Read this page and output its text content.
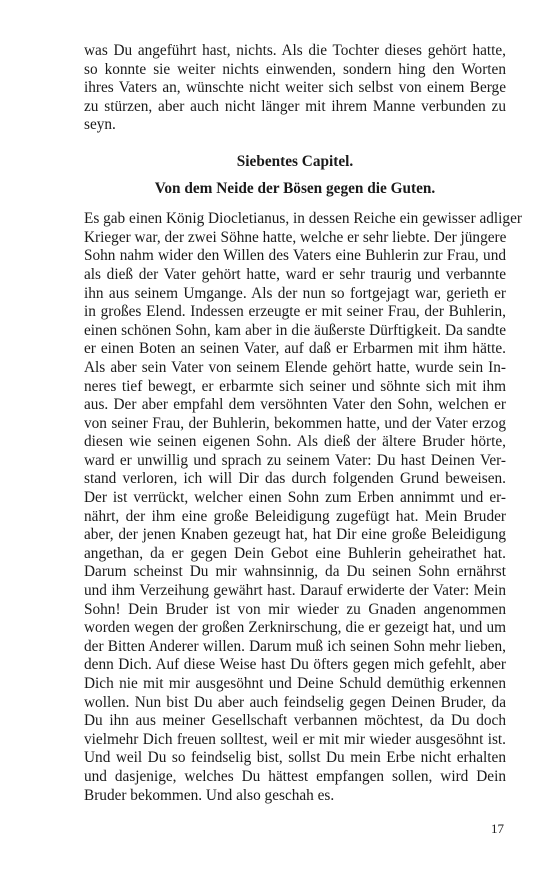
was Du angeführt hast, nichts. Als die Tochter dieses gehört hatte,
so konnte sie weiter nichts einwenden, sondern hing den Worten
ihres Vaters an, wünschte nicht weiter sich selbst von einem Berge
zu stürzen, aber auch nicht länger mit ihrem Manne verbunden zu
seyn.

Siebentes Capitel.

Von dem Neide der Bösen gegen die Guten.

Es gab einen König Diocletianus, in dessen Reiche ein gewisser adliger
Krieger war, der zwei Söhne hatte, welche er sehr liebte. Der jüngere
Sohn nahm wider den Willen des Vaters eine Buhlerin zur Frau, und
als dieß der Vater gehört hatte, ward er sehr traurig und verbannte
ihn aus seinem Umgange. Als der nun so fortgejagt war, gerieth er
in großes Elend. Indessen erzeugte er mit seiner Frau, der Buhlerin,
einen schönen Sohn, kam aber in die äußerste Dürftigkeit. Da sandte
er einen Boten an seinen Vater, auf daß er Erbarmen mit ihm hätte.
Als aber sein Vater von seinem Elende gehört hatte, wurde sein In-
neres tief bewegt, er erbarmte sich seiner und söhnte sich mit ihm
aus. Der aber empfahl dem versöhnten Vater den Sohn, welchen er
von seiner Frau, der Buhlerin, bekommen hatte, und der Vater erzog
diesen wie seinen eigenen Sohn. Als dieß der ältere Bruder hörte,
ward er unwillig und sprach zu seinem Vater: Du hast Deinen Ver-
stand verloren, ich will Dir das durch folgenden Grund beweisen.
Der ist verrückt, welcher einen Sohn zum Erben annimmt und er-
nährt, der ihm eine große Beleidigung zugefügt hat. Mein Bruder
aber, der jenen Knaben gezeugt hat, hat Dir eine große Beleidigung
angethan, da er gegen Dein Gebot eine Buhlerin geheirathet hat.
Darum scheinst Du mir wahnsinnig, da Du seinen Sohn ernährst
und ihm Verzeihung gewährt hast. Darauf erwiderte der Vater: Mein
Sohn! Dein Bruder ist von mir wieder zu Gnaden angenommen
worden wegen der großen Zerknirschung, die er gezeigt hat, und um
der Bitten Anderer willen. Darum muß ich seinen Sohn mehr lieben,
denn Dich. Auf diese Weise hast Du öfters gegen mich gefehlt, aber
Dich nie mit mir ausgesöhnt und Deine Schuld demüthig erkennen
wollen. Nun bist Du aber auch feindselig gegen Deinen Bruder, da
Du ihn aus meiner Gesellschaft verbannen möchtest, da Du doch
vielmehr Dich freuen solltest, weil er mit mir wieder ausgesöhnt ist.
Und weil Du so feindselig bist, sollst Du mein Erbe nicht erhalten
und dasjenige, welches Du hättest empfangen sollen, wird Dein
Bruder bekommen. Und also geschah es.

17
